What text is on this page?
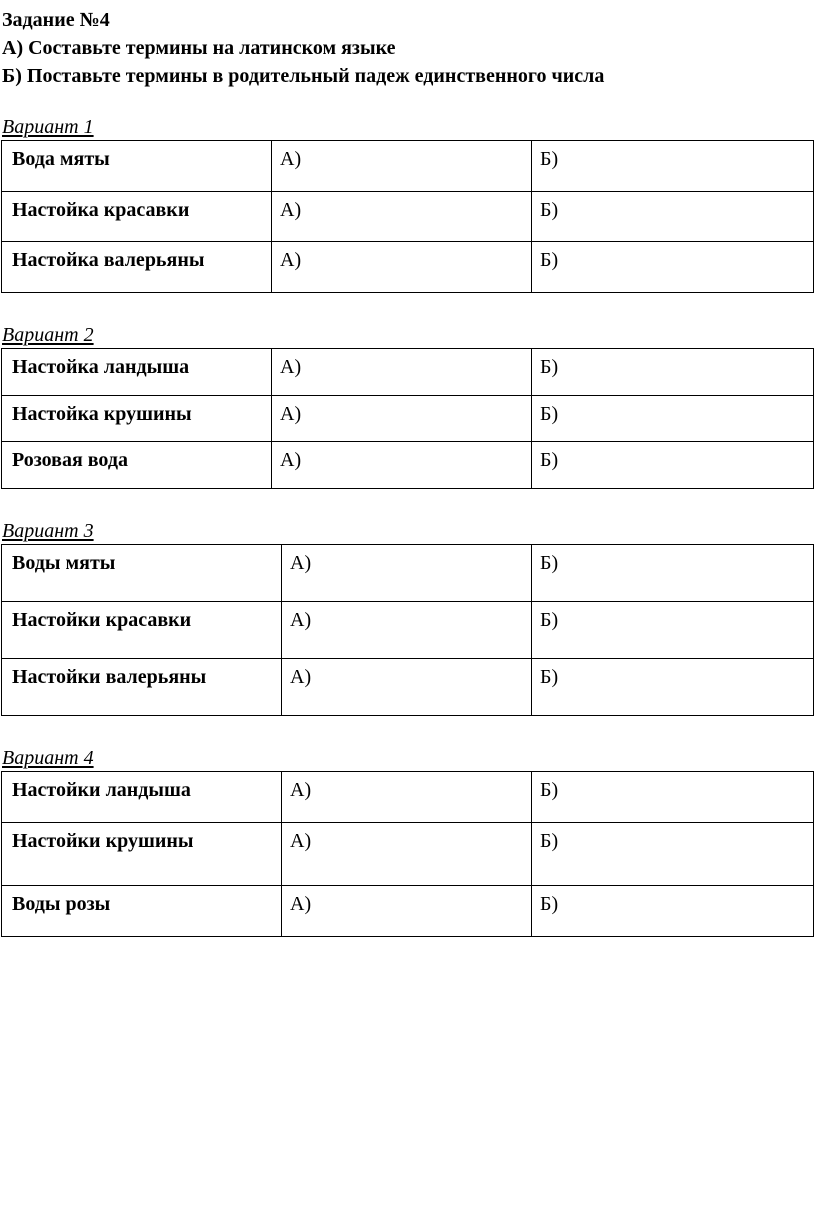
Задание №4
А) Составьте термины на латинском языке
Б) Поставьте термины в родительный падеж единственного числа
Вариант 1
Вода мяты	А)	Б)
Настойка красавки	А)	Б)
Настойка валерьяны	А)	Б)
Вариант 2
Настойка ландыша	А)	Б)
Настойка крушины	А)	Б)
Розовая вода	А)	Б)
Вариант 3
Воды мяты	А)	Б)
Настойки красавки	А)	Б)
Настойки валерьяны	А)	Б)
Вариант 4
Настойки ландыша	А)	Б)
Настойки крушины	А)	Б)
Воды розы	А)	Б)
